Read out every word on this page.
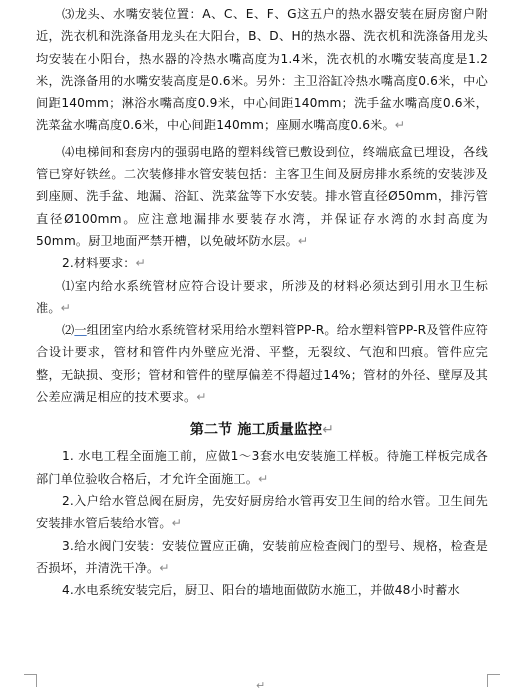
⑶龙头、水嘴安装位置：A、C、E、F、G这五户的热水器安装在厨房窗户附近，洗衣机和洗涤备用龙头在大阳台，B、D、H的热水器、洗衣机和洗涤备用龙头均安装在小阳台，热水器的冷热水嘴高度为1.4米，洗衣机的水嘴安装高度是1.2米，洗涤备用的水嘴安装高度是0.6米。另外：主卫浴缸冷热水嘴高度0.6米，中心间距140mm；淋浴水嘴高度0.9米，中心间距140mm；洗手盆水嘴高度0.6米，洗菜盆水嘴高度0.6米，中心间距140mm；座厕水嘴高度0.6米。↵

⑷电梯间和套房内的强弱电路的塑料线管已敷设到位，终端底盒已埋设，各线管已穿好铁丝。二次装修排水管安装包括：主客卫生间及厨房排水系统的安装涉及到座厕、洗手盆、地漏、浴缸、洗菜盆等下水安装。排水管直径Ø50mm，排污管直径Ø100mm。应注意地漏排水要装存水湾，并保证存水湾的水封高度为50mm。厨卫地面严禁开槽，以免破坏防水层。↵

2.材料要求：↵

⑴室内给水系统管材应符合设计要求，所涉及的材料必须达到引用水卫生标准。↵

⑵一组团室内给水系统管材采用给水塑料管PP-R。给水塑料管PP-R及管件应符合设计要求，管材和管件内外壁应光滑、平整，无裂纹、气泡和凹痕。管件应完整，无缺损、变形；管材和管件的壁厚偏差不得超过14%；管材的外径、壁厚及其公差应满足相应的技术要求。↵

第二节 施工质量监控↵

1. 水电工程全面施工前，应做1～3套水电安装施工样板。待施工样板完成各部门单位验收合格后，才允许全面施工。↵

2.入户给水管总阀在厨房，先安好厨房给水管再安卫生间的给水管。卫生间先安装排水管后装给水管。↵

3.给水阀门安装：安装位置应正确，安装前应检查阀门的型号、规格，检查是否损坏，并清洗干净。↵

4.水电系统安装完后，厨卫、阳台的墙地面做防水施工，并做48小时蓄水

↵
